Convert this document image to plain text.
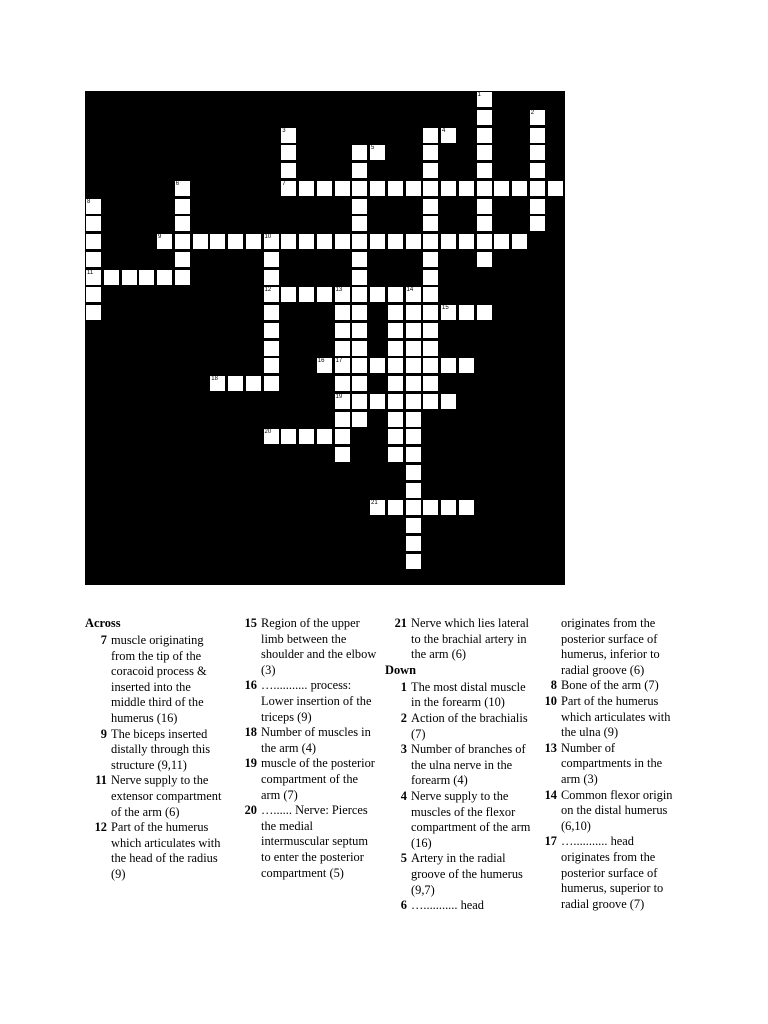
1
2
3
7
6
8
11
9	10
12	13	14
17
19
15
16
18
20
21
4
5
Across
7 muscle originating from the tip of the coracoid process & inserted into the middle third of the humerus (16)
9 The biceps inserted distally through this structure (9,11)
11 Nerve supply to the extensor compartment of the arm (6)
12 Part of the humerus which articulates with the head of the radius (9)
15 Region of the upper limb between the shoulder and the elbow (3)
16 …........... process: Lower insertion of the triceps (9)
18 Number of muscles in the arm (4)
19 muscle of the posterior compartment of the arm (7)
20 …...... Nerve: Pierces the medial intermuscular septum to enter the posterior compartment (5)
21 Nerve which lies lateral to the brachial artery in the arm (6)
Down
1 The most distal muscle in the forearm (10)
2 Action of the brachialis (7)
3 Number of branches of the ulna nerve in the forearm (4)
4 Nerve supply to the muscles of the flexor compartment of the arm (16)
5 Artery in the radial groove of the humerus (9,7)
6 …........... head
originates from the posterior surface of humerus, inferior to radial groove (6)
8 Bone of the arm (7)
10 Part of the humerus which articulates with the ulna (9)
13 Number of compartments in the arm (3)
14 Common flexor origin on the distal humerus (6,10)
17 …........... head originates from the posterior surface of humerus, superior to radial groove (7)
